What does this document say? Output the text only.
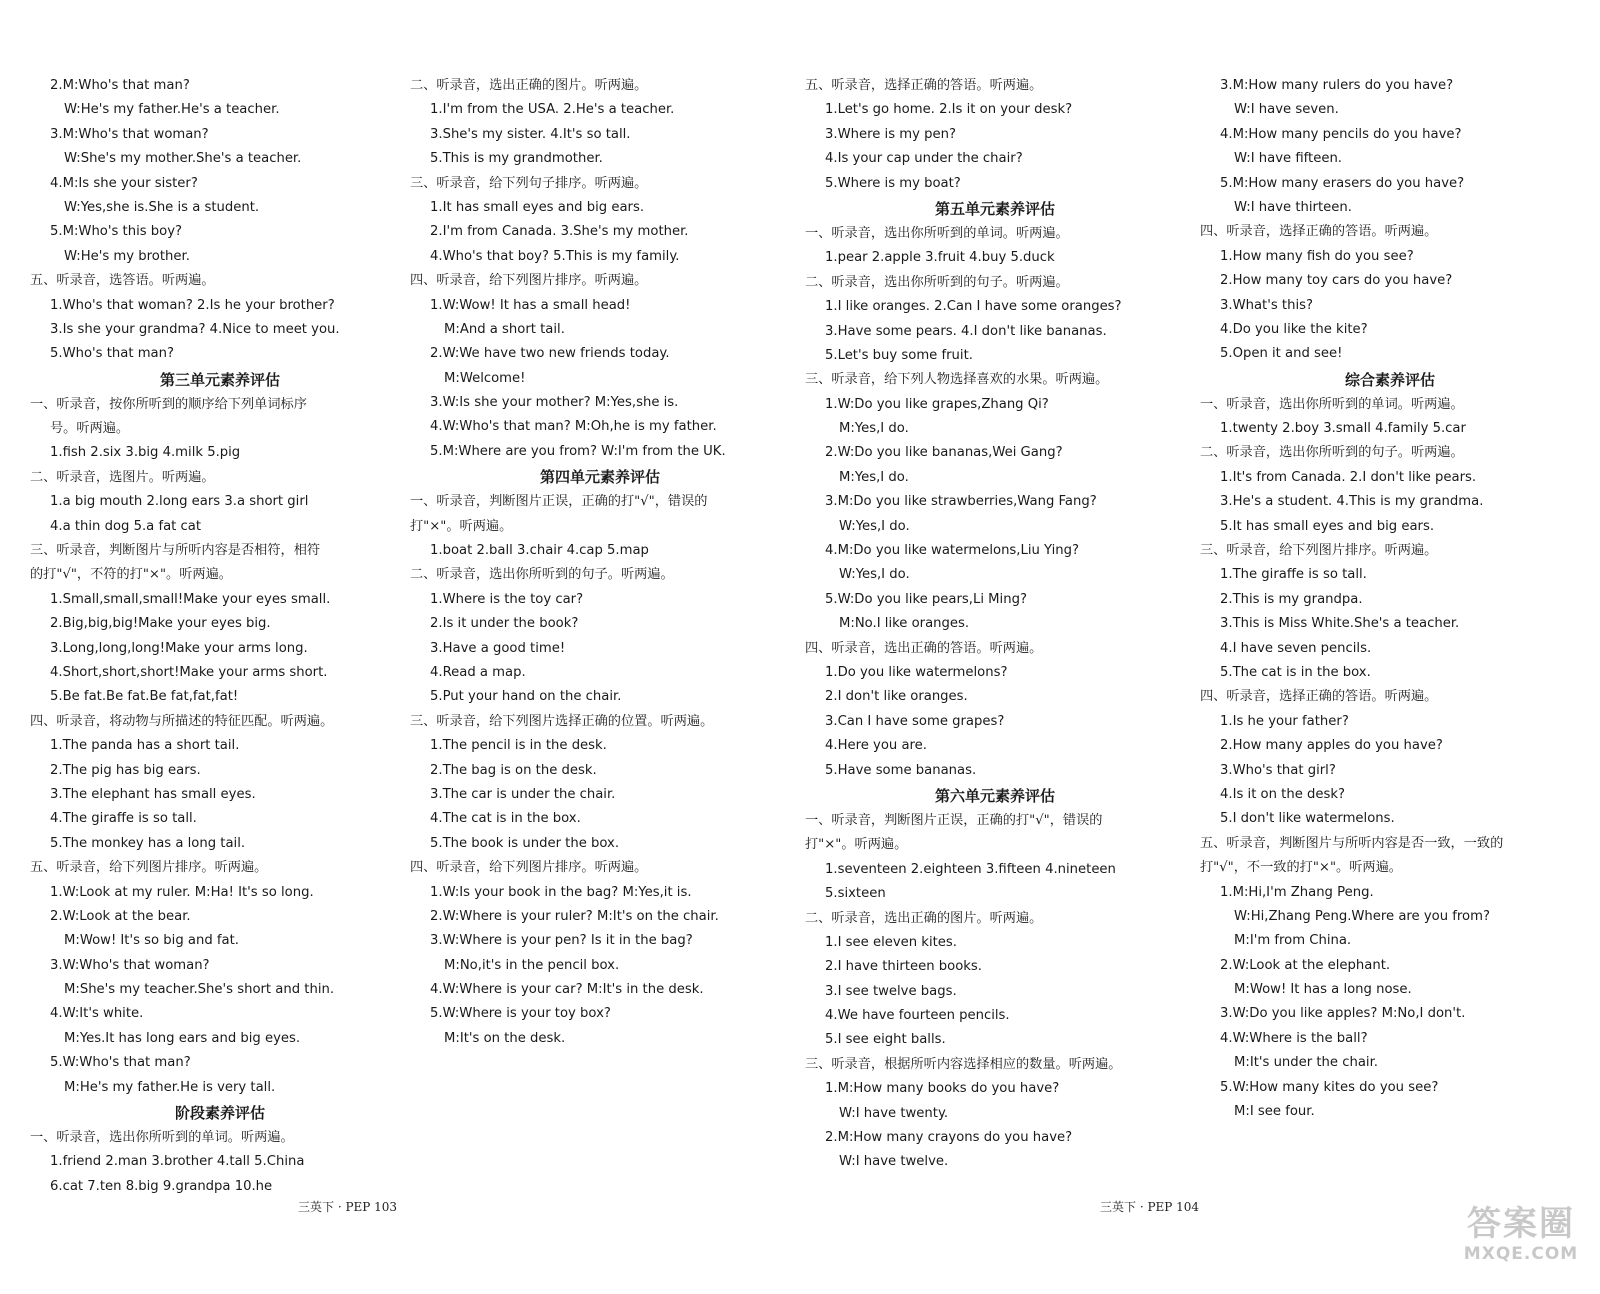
2.M:Who's that man?
W:He's my father.He's a teacher.
3.M:Who's that woman?
W:She's my mother.She's a teacher.
4.M:Is she your sister?
W:Yes,she is.She is a student.
5.M:Who's this boy?
W:He's my brother.
五、听录音，选答语。听两遍。
1.Who's that woman? 2.Is he your brother?
3.Is she your grandma? 4.Nice to meet you.
5.Who's that man?
第三单元素养评估
一、听录音，按你所听到的顺序给下列单词标序
号。听两遍。
1.fish 2.six 3.big 4.milk 5.pig
二、听录音，选图片。听两遍。
1.a big mouth 2.long ears 3.a short girl
4.a thin dog 5.a fat cat
三、听录音，判断图片与所听内容是否相符，相符
的打"√"，不符的打"×"。听两遍。
1.Small,small,small!Make your eyes small.
2.Big,big,big!Make your eyes big.
3.Long,long,long!Make your arms long.
4.Short,short,short!Make your arms short.
5.Be fat.Be fat.Be fat,fat,fat!
四、听录音，将动物与所描述的特征匹配。听两遍。
1.The panda has a short tail.
2.The pig has big ears.
3.The elephant has small eyes.
4.The giraffe is so tall.
5.The monkey has a long tail.
五、听录音，给下列图片排序。听两遍。
1.W:Look at my ruler. M:Ha! It's so long.
2.W:Look at the bear.
M:Wow! It's so big and fat.
3.W:Who's that woman?
M:She's my teacher.She's short and thin.
4.W:It's white.
M:Yes.It has long ears and big eyes.
5.W:Who's that man?
M:He's my father.He is very tall.
阶段素养评估
一、听录音，选出你所听到的单词。听两遍。
1.friend 2.man 3.brother 4.tall 5.China
6.cat 7.ten 8.big 9.grandpa 10.he
二、听录音，选出正确的图片。听两遍。
1.I'm from the USA. 2.He's a teacher.
3.She's my sister. 4.It's so tall.
5.This is my grandmother.
三、听录音，给下列句子排序。听两遍。
1.It has small eyes and big ears.
2.I'm from Canada. 3.She's my mother.
4.Who's that boy? 5.This is my family.
四、听录音，给下列图片排序。听两遍。
1.W:Wow! It has a small head!
M:And a short tail.
2.W:We have two new friends today.
M:Welcome!
3.W:Is she your mother? M:Yes,she is.
4.W:Who's that man? M:Oh,he is my father.
5.M:Where are you from? W:I'm from the UK.
第四单元素养评估
一、听录音，判断图片正误，正确的打"√"，错误的
打"×"。听两遍。
1.boat 2.ball 3.chair 4.cap 5.map
二、听录音，选出你所听到的句子。听两遍。
1.Where is the toy car?
2.Is it under the book?
3.Have a good time!
4.Read a map.
5.Put your hand on the chair.
三、听录音，给下列图片选择正确的位置。听两遍。
1.The pencil is in the desk.
2.The bag is on the desk.
3.The car is under the chair.
4.The cat is in the box.
5.The book is under the box.
四、听录音，给下列图片排序。听两遍。
1.W:Is your book in the bag? M:Yes,it is.
2.W:Where is your ruler? M:It's on the chair.
3.W:Where is your pen? Is it in the bag?
M:No,it's in the pencil box.
4.W:Where is your car? M:It's in the desk.
5.W:Where is your toy box?
M:It's on the desk.
三英下 · PEP 103
五、听录音，选择正确的答语。听两遍。
1.Let's go home. 2.Is it on your desk?
3.Where is my pen?
4.Is your cap under the chair?
5.Where is my boat?
第五单元素养评估
一、听录音，选出你所听到的单词。听两遍。
1.pear 2.apple 3.fruit 4.buy 5.duck
二、听录音，选出你所听到的句子。听两遍。
1.I like oranges. 2.Can I have some oranges?
3.Have some pears. 4.I don't like bananas.
5.Let's buy some fruit.
三、听录音，给下列人物选择喜欢的水果。听两遍。
1.W:Do you like grapes,Zhang Qi?
M:Yes,I do.
2.W:Do you like bananas,Wei Gang?
M:Yes,I do.
3.M:Do you like strawberries,Wang Fang?
W:Yes,I do.
4.M:Do you like watermelons,Liu Ying?
W:Yes,I do.
5.W:Do you like pears,Li Ming?
M:No.I like oranges.
四、听录音，选出正确的答语。听两遍。
1.Do you like watermelons?
2.I don't like oranges.
3.Can I have some grapes?
4.Here you are.
5.Have some bananas.
第六单元素养评估
一、听录音，判断图片正误，正确的打"√"，错误的
打"×"。听两遍。
1.seventeen 2.eighteen 3.fifteen 4.nineteen
5.sixteen
二、听录音，选出正确的图片。听两遍。
1.I see eleven kites.
2.I have thirteen books.
3.I see twelve bags.
4.We have fourteen pencils.
5.I see eight balls.
三、听录音，根据所听内容选择相应的数量。听两遍。
1.M:How many books do you have?
W:I have twenty.
2.M:How many crayons do you have?
W:I have twelve.
3.M:How many rulers do you have?
W:I have seven.
4.M:How many pencils do you have?
W:I have fifteen.
5.M:How many erasers do you have?
W:I have thirteen.
四、听录音，选择正确的答语。听两遍。
1.How many fish do you see?
2.How many toy cars do you have?
3.What's this?
4.Do you like the kite?
5.Open it and see!
综合素养评估
一、听录音，选出你所听到的单词。听两遍。
1.twenty 2.boy 3.small 4.family 5.car
二、听录音，选出你所听到的句子。听两遍。
1.It's from Canada. 2.I don't like pears.
3.He's a student. 4.This is my grandma.
5.It has small eyes and big ears.
三、听录音，给下列图片排序。听两遍。
1.The giraffe is so tall.
2.This is my grandpa.
3.This is Miss White.She's a teacher.
4.I have seven pencils.
5.The cat is in the box.
四、听录音，选择正确的答语。听两遍。
1.Is he your father?
2.How many apples do you have?
3.Who's that girl?
4.Is it on the desk?
5.I don't like watermelons.
五、听录音，判断图片与所听内容是否一致，一致的
打"√"，不一致的打"×"。听两遍。
1.M:Hi,I'm Zhang Peng.
W:Hi,Zhang Peng.Where are you from?
M:I'm from China.
2.W:Look at the elephant.
M:Wow! It has a long nose.
3.W:Do you like apples? M:No,I don't.
4.W:Where is the ball?
M:It's under the chair.
5.W:How many kites do you see?
M:I see four.
三英下 · PEP 104	答案圈
MXQE.COM
